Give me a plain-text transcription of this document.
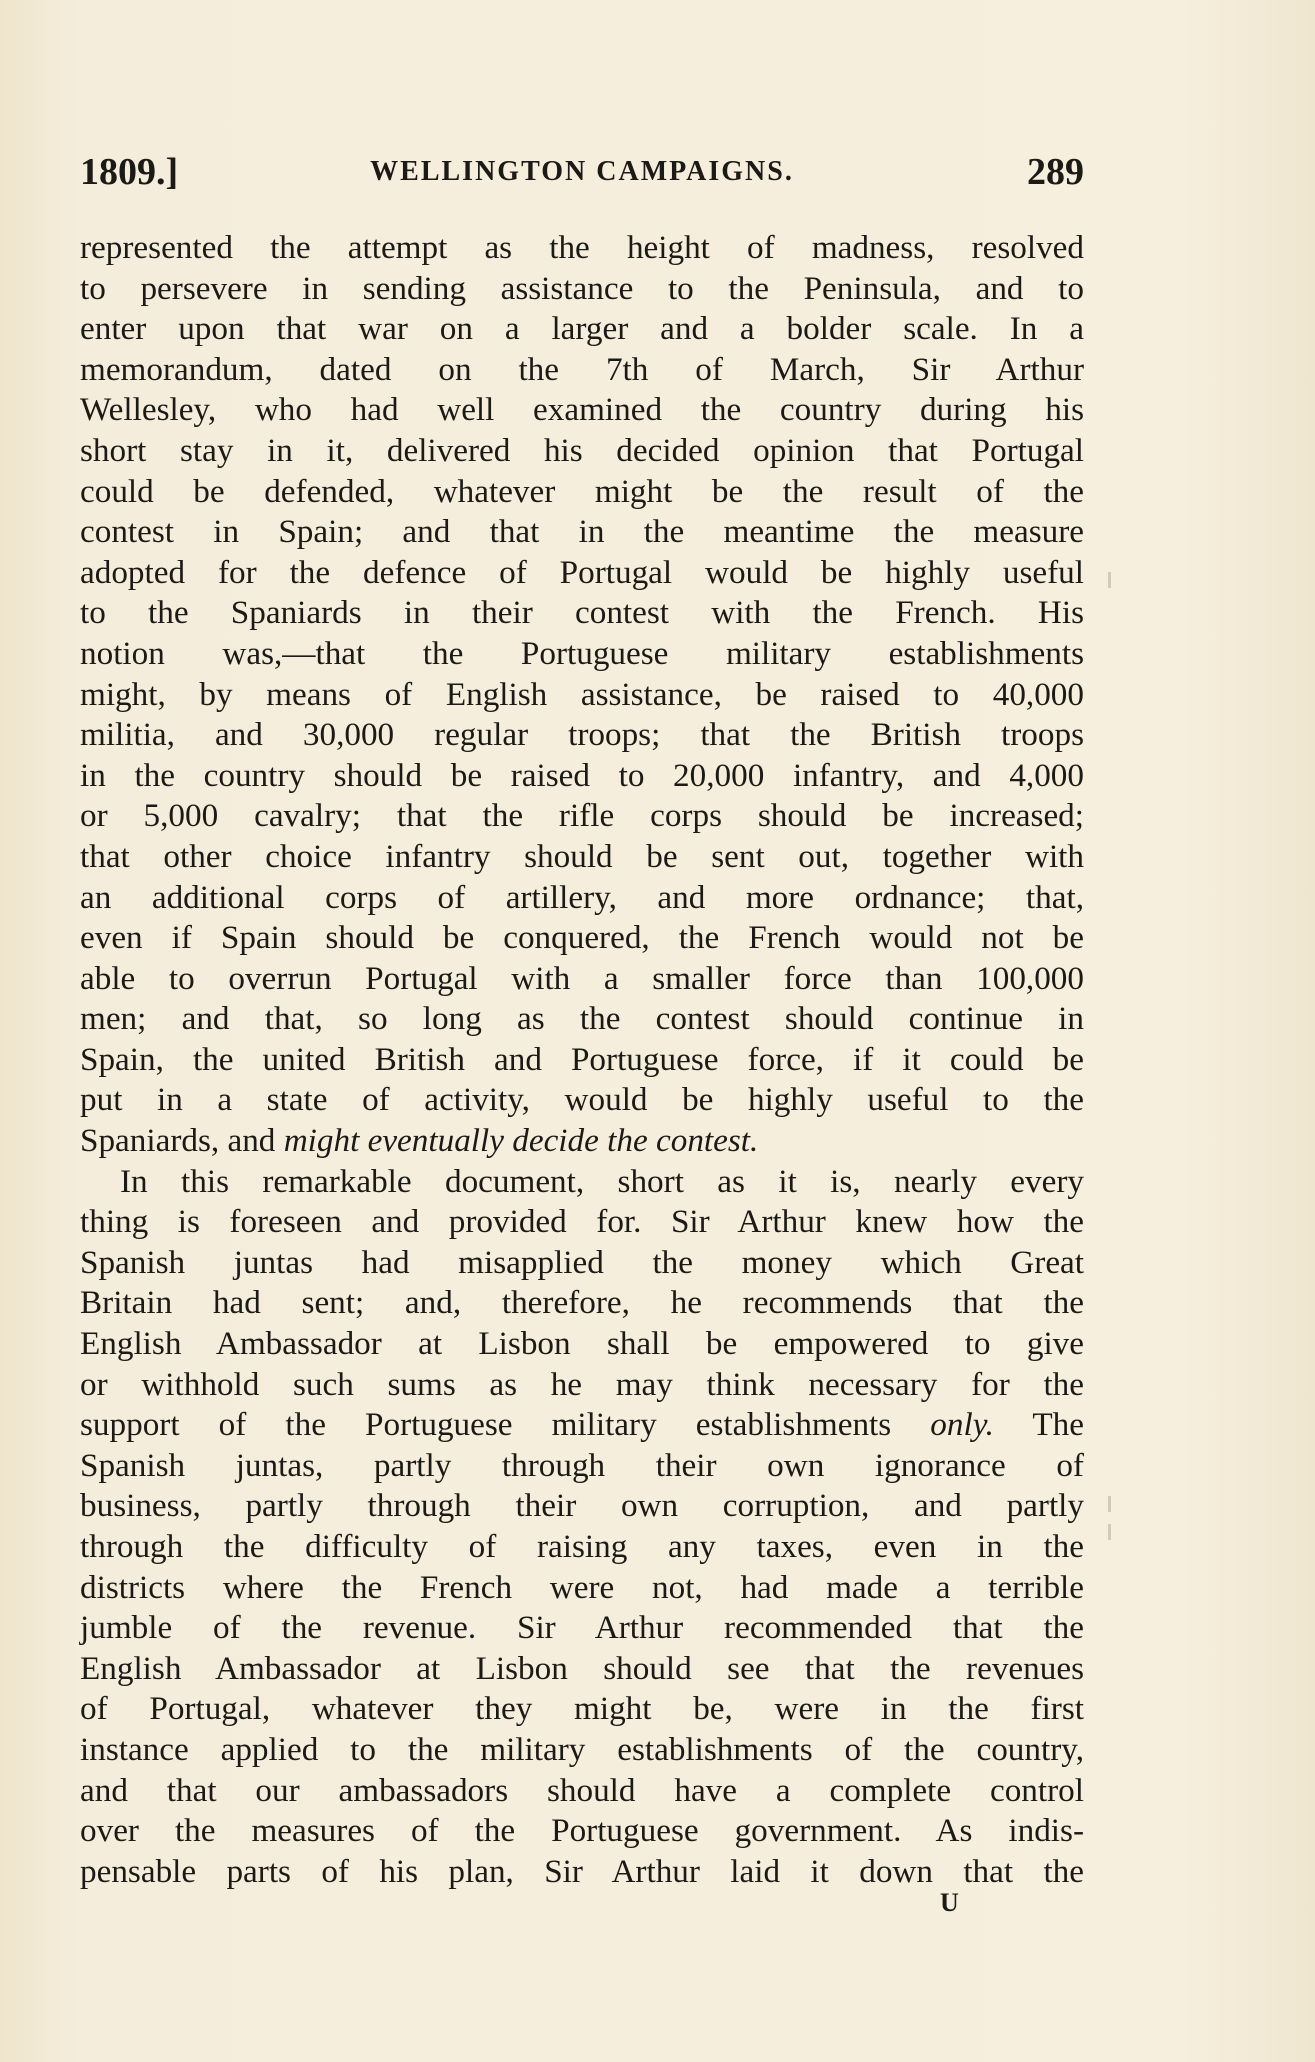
1809.]	WELLINGTON CAMPAIGNS.	289
represented the attempt as the height of madness, resolved
to persevere in sending assistance to the Peninsula, and to
enter upon that war on a larger and a bolder scale. In a
memorandum, dated on the 7th of March, Sir Arthur
Wellesley, who had well examined the country during his
short stay in it, delivered his decided opinion that Portugal
could be defended, whatever might be the result of the
contest in Spain; and that in the meantime the measure
adopted for the defence of Portugal would be highly useful
to the Spaniards in their contest with the French. His
notion was,—that the Portuguese military establishments
might, by means of English assistance, be raised to 40,000
militia, and 30,000 regular troops; that the British troops
in the country should be raised to 20,000 infantry, and 4,000
or 5,000 cavalry; that the rifle corps should be increased;
that other choice infantry should be sent out, together with
an additional corps of artillery, and more ordnance; that,
even if Spain should be conquered, the French would not be
able to overrun Portugal with a smaller force than 100,000
men; and that, so long as the contest should continue in
Spain, the united British and Portuguese force, if it could be
put in a state of activity, would be highly useful to the
Spaniards, and might eventually decide the contest.
In this remarkable document, short as it is, nearly every
thing is foreseen and provided for. Sir Arthur knew how the
Spanish juntas had misapplied the money which Great
Britain had sent; and, therefore, he recommends that the
English Ambassador at Lisbon shall be empowered to give
or withhold such sums as he may think necessary for the
support of the Portuguese military establishments only. The
Spanish juntas, partly through their own ignorance of
business, partly through their own corruption, and partly
through the difficulty of raising any taxes, even in the
districts where the French were not, had made a terrible
jumble of the revenue. Sir Arthur recommended that the
English Ambassador at Lisbon should see that the revenues
of Portugal, whatever they might be, were in the first
instance applied to the military establishments of the country,
and that our ambassadors should have a complete control
over the measures of the Portuguese government. As indis-
pensable parts of his plan, Sir Arthur laid it down that the
U
